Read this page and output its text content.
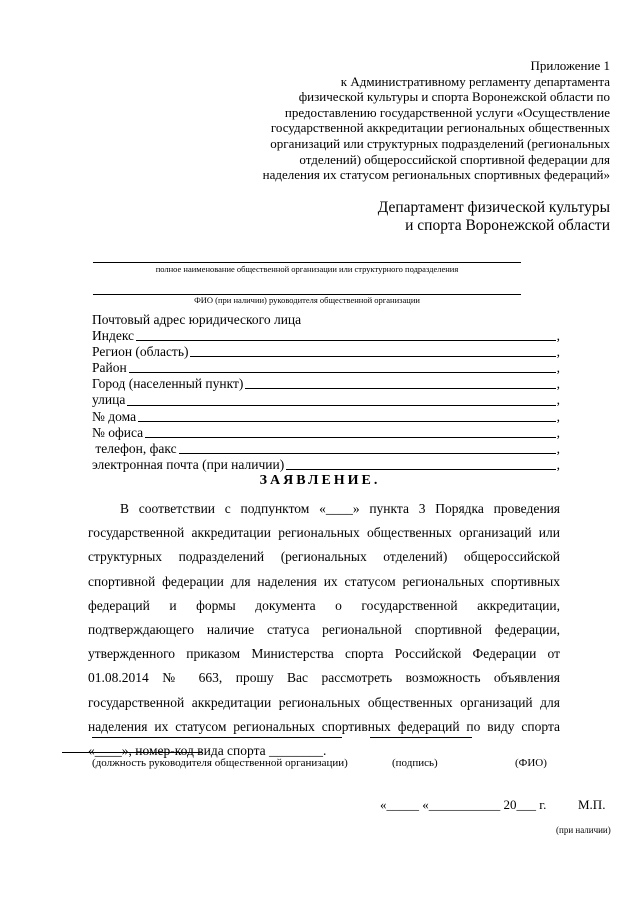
Приложение 1
к Административному регламенту департамента
физической культуры и спорта Воронежской области по
предоставлению государственной услуги «Осуществление
государственной аккредитации региональных общественных
организаций или структурных подразделений (региональных
отделений) общероссийской спортивной федерации для
наделения их статусом региональных спортивных федераций»
Департамент физической культуры
и спорта Воронежской области
полное наименование общественной организации или структурного подразделения
ФИО (при наличии) руководителя общественной организации
Почтовый адрес юридического лица
Индекс	,
Регион (область)	,
Район	,
Город (населенный пункт)	,
улица	,
№ дома	,
№ офиса	,
телефон, факс	,
электронная почта (при наличии)	,
ЗАЯВЛЕНИЕ.

В соответствии с подпунктом «____» пункта 3 Порядка проведения государственной аккредитации региональных общественных организаций или структурных подразделений (региональных отделений) общероссийской спортивной федерации для наделения их статусом региональных спортивных федераций и формы документа о государственной аккредитации, подтверждающего наличие статуса региональной спортивной федерации, утвержденного приказом Министерства спорта Российской Федерации от 01.08.2014 № 663, прошу Вас рассмотреть возможность объявления государственной аккредитации региональных общественных организаций для наделения их статусом региональных спортивных федераций по виду спорта «____», номер-код вида спорта ________.

(должность руководителя общественной организации)	(подпись)	(ФИО)
«_____ «___________ 20___ г. М.П.
(при наличии)
